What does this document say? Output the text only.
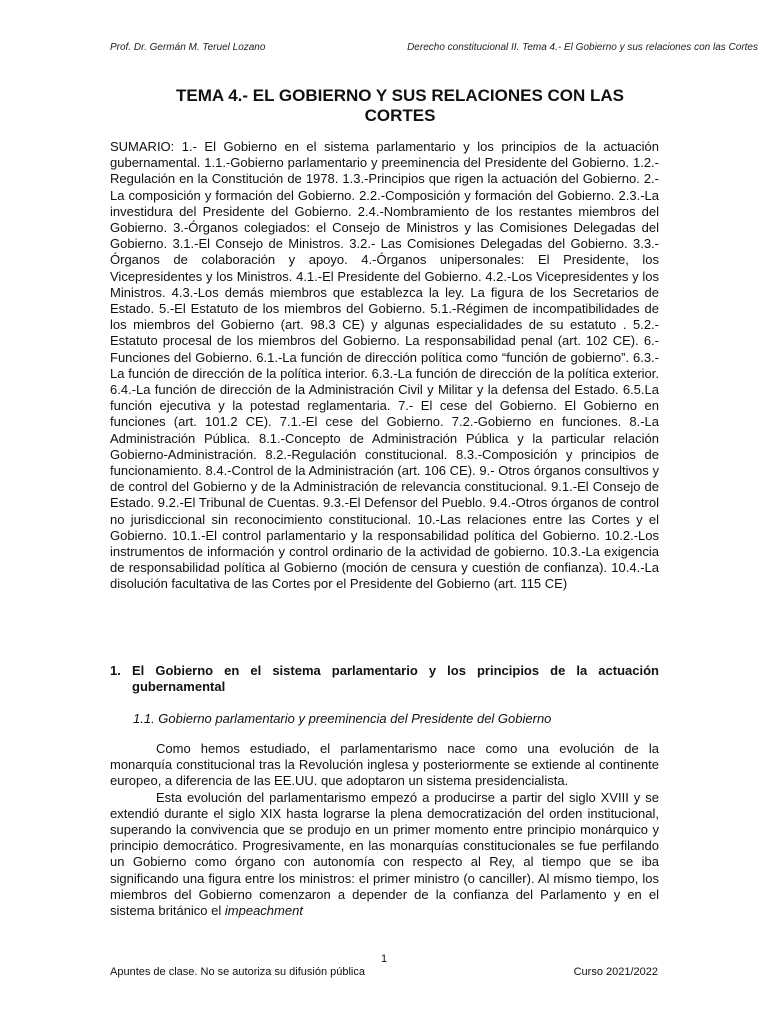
Prof. Dr. Germán M. Teruel Lozano	Derecho constitucional II. Tema 4.- El Gobierno y sus relaciones con las Cortes
TEMA 4.- EL GOBIERNO Y SUS RELACIONES CON LAS CORTES
SUMARIO: 1.- El Gobierno en el sistema parlamentario y los principios de la actuación gubernamental. 1.1.-Gobierno parlamentario y preeminencia del Presidente del Gobierno. 1.2.-Regulación en la Constitución de 1978. 1.3.-Principios que rigen la actuación del Gobierno. 2.-La composición y formación del Gobierno. 2.2.-Composición y formación del Gobierno. 2.3.-La investidura del Presidente del Gobierno. 2.4.-Nombramiento de los restantes miembros del Gobierno. 3.-Órganos colegiados: el Consejo de Ministros y las Comisiones Delegadas del Gobierno. 3.1.-El Consejo de Ministros. 3.2.- Las Comisiones Delegadas del Gobierno. 3.3.-Órganos de colaboración y apoyo. 4.-Órganos unipersonales: El Presidente, los Vicepresidentes y los Ministros. 4.1.-El Presidente del Gobierno. 4.2.-Los Vicepresidentes y los Ministros. 4.3.-Los demás miembros que establezca la ley. La figura de los Secretarios de Estado. 5.-El Estatuto de los miembros del Gobierno. 5.1.-Régimen de incompatibilidades de los miembros del Gobierno (art. 98.3 CE) y algunas especialidades de su estatuto . 5.2.-Estatuto procesal de los miembros del Gobierno. La responsabilidad penal (art. 102 CE). 6.-Funciones del Gobierno. 6.1.-La función de dirección política como “función de gobierno”. 6.3.-La función de dirección de la política interior. 6.3.-La función de dirección de la política exterior. 6.4.-La función de dirección de la Administración Civil y Militar y la defensa del Estado. 6.5.La función ejecutiva y la potestad reglamentaria. 7.- El cese del Gobierno. El Gobierno en funciones (art. 101.2 CE). 7.1.-El cese del Gobierno. 7.2.-Gobierno en funciones. 8.-La Administración Pública. 8.1.-Concepto de Administración Pública y la particular relación Gobierno-Administración. 8.2.-Regulación constitucional. 8.3.-Composición y principios de funcionamiento. 8.4.-Control de la Administración (art. 106 CE). 9.- Otros órganos consultivos y de control del Gobierno y de la Administración de relevancia constitucional. 9.1.-El Consejo de Estado. 9.2.-El Tribunal de Cuentas. 9.3.-El Defensor del Pueblo. 9.4.-Otros órganos de control no jurisdiccional sin reconocimiento constitucional. 10.-Las relaciones entre las Cortes y el Gobierno. 10.1.-El control parlamentario y la responsabilidad política del Gobierno. 10.2.-Los instrumentos de información y control ordinario de la actividad de gobierno. 10.3.-La exigencia de responsabilidad política al Gobierno (moción de censura y cuestión de confianza). 10.4.-La disolución facultativa de las Cortes por el Presidente del Gobierno (art. 115 CE)
1. El Gobierno en el sistema parlamentario y los principios de la actuación gubernamental
1.1. Gobierno parlamentario y preeminencia del Presidente del Gobierno

Como hemos estudiado, el parlamentarismo nace como una evolución de la monarquía constitucional tras la Revolución inglesa y posteriormente se extiende al continente europeo, a diferencia de las EE.UU. que adoptaron un sistema presidencialista.

Esta evolución del parlamentarismo empezó a producirse a partir del siglo XVIII y se extendió durante el siglo XIX hasta lograrse la plena democratización del orden institucional, superando la convivencia que se produjo en un primer momento entre principio monárquico y principio democrático. Progresivamente, en las monarquías constitucionales se fue perfilando un Gobierno como órgano con autonomía con respecto al Rey, al tiempo que se iba significando una figura entre los ministros: el primer ministro (o canciller). Al mismo tiempo, los miembros del Gobierno comenzaron a depender de la confianza del Parlamento y en el sistema británico el impeachment

1
Apuntes de clase. No se autoriza su difusión pública	Curso 2021/2022
